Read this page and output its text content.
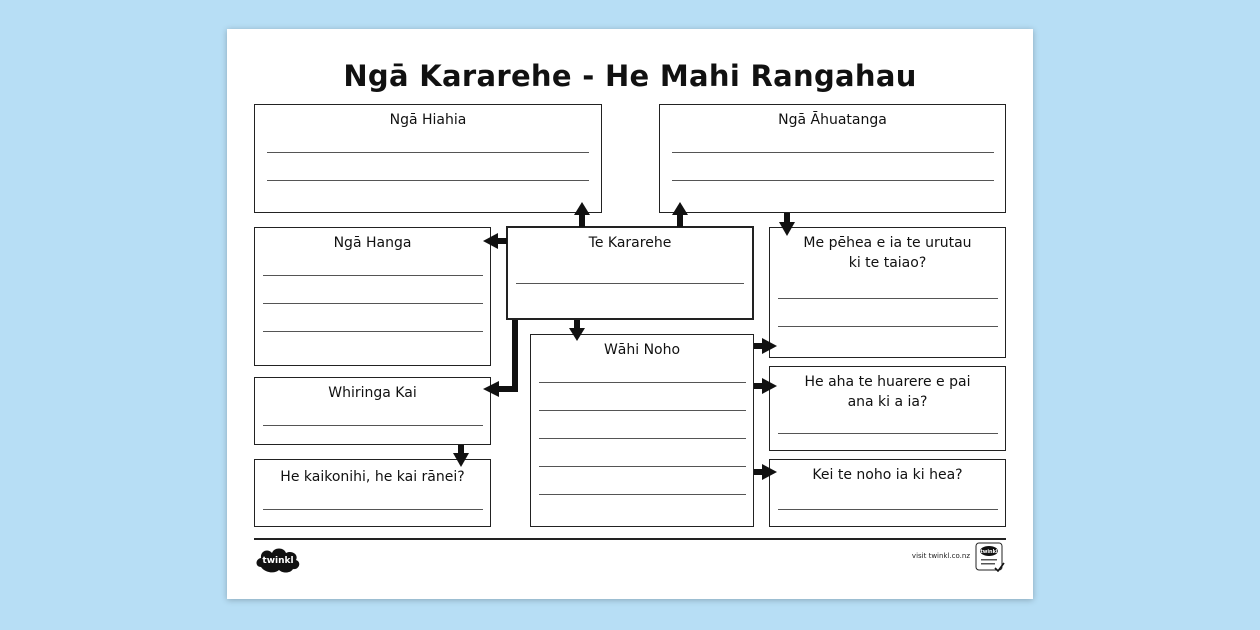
Ngā Kararehe - He Mahi Rangahau
Ngā Hiahia	Ngā Āhuatanga
Ngā Hanga	Te Kararehe	Me pēhea e ia te urutau
ki te taiao?
Whiringa Kai
Wāhi Noho
He aha te huarere e pai
ana ki a ia?
He kaikonihi, he kai rānei?	Kei te noho ia ki hea?
twinkl	visit twinkl.co.nz twinkl
